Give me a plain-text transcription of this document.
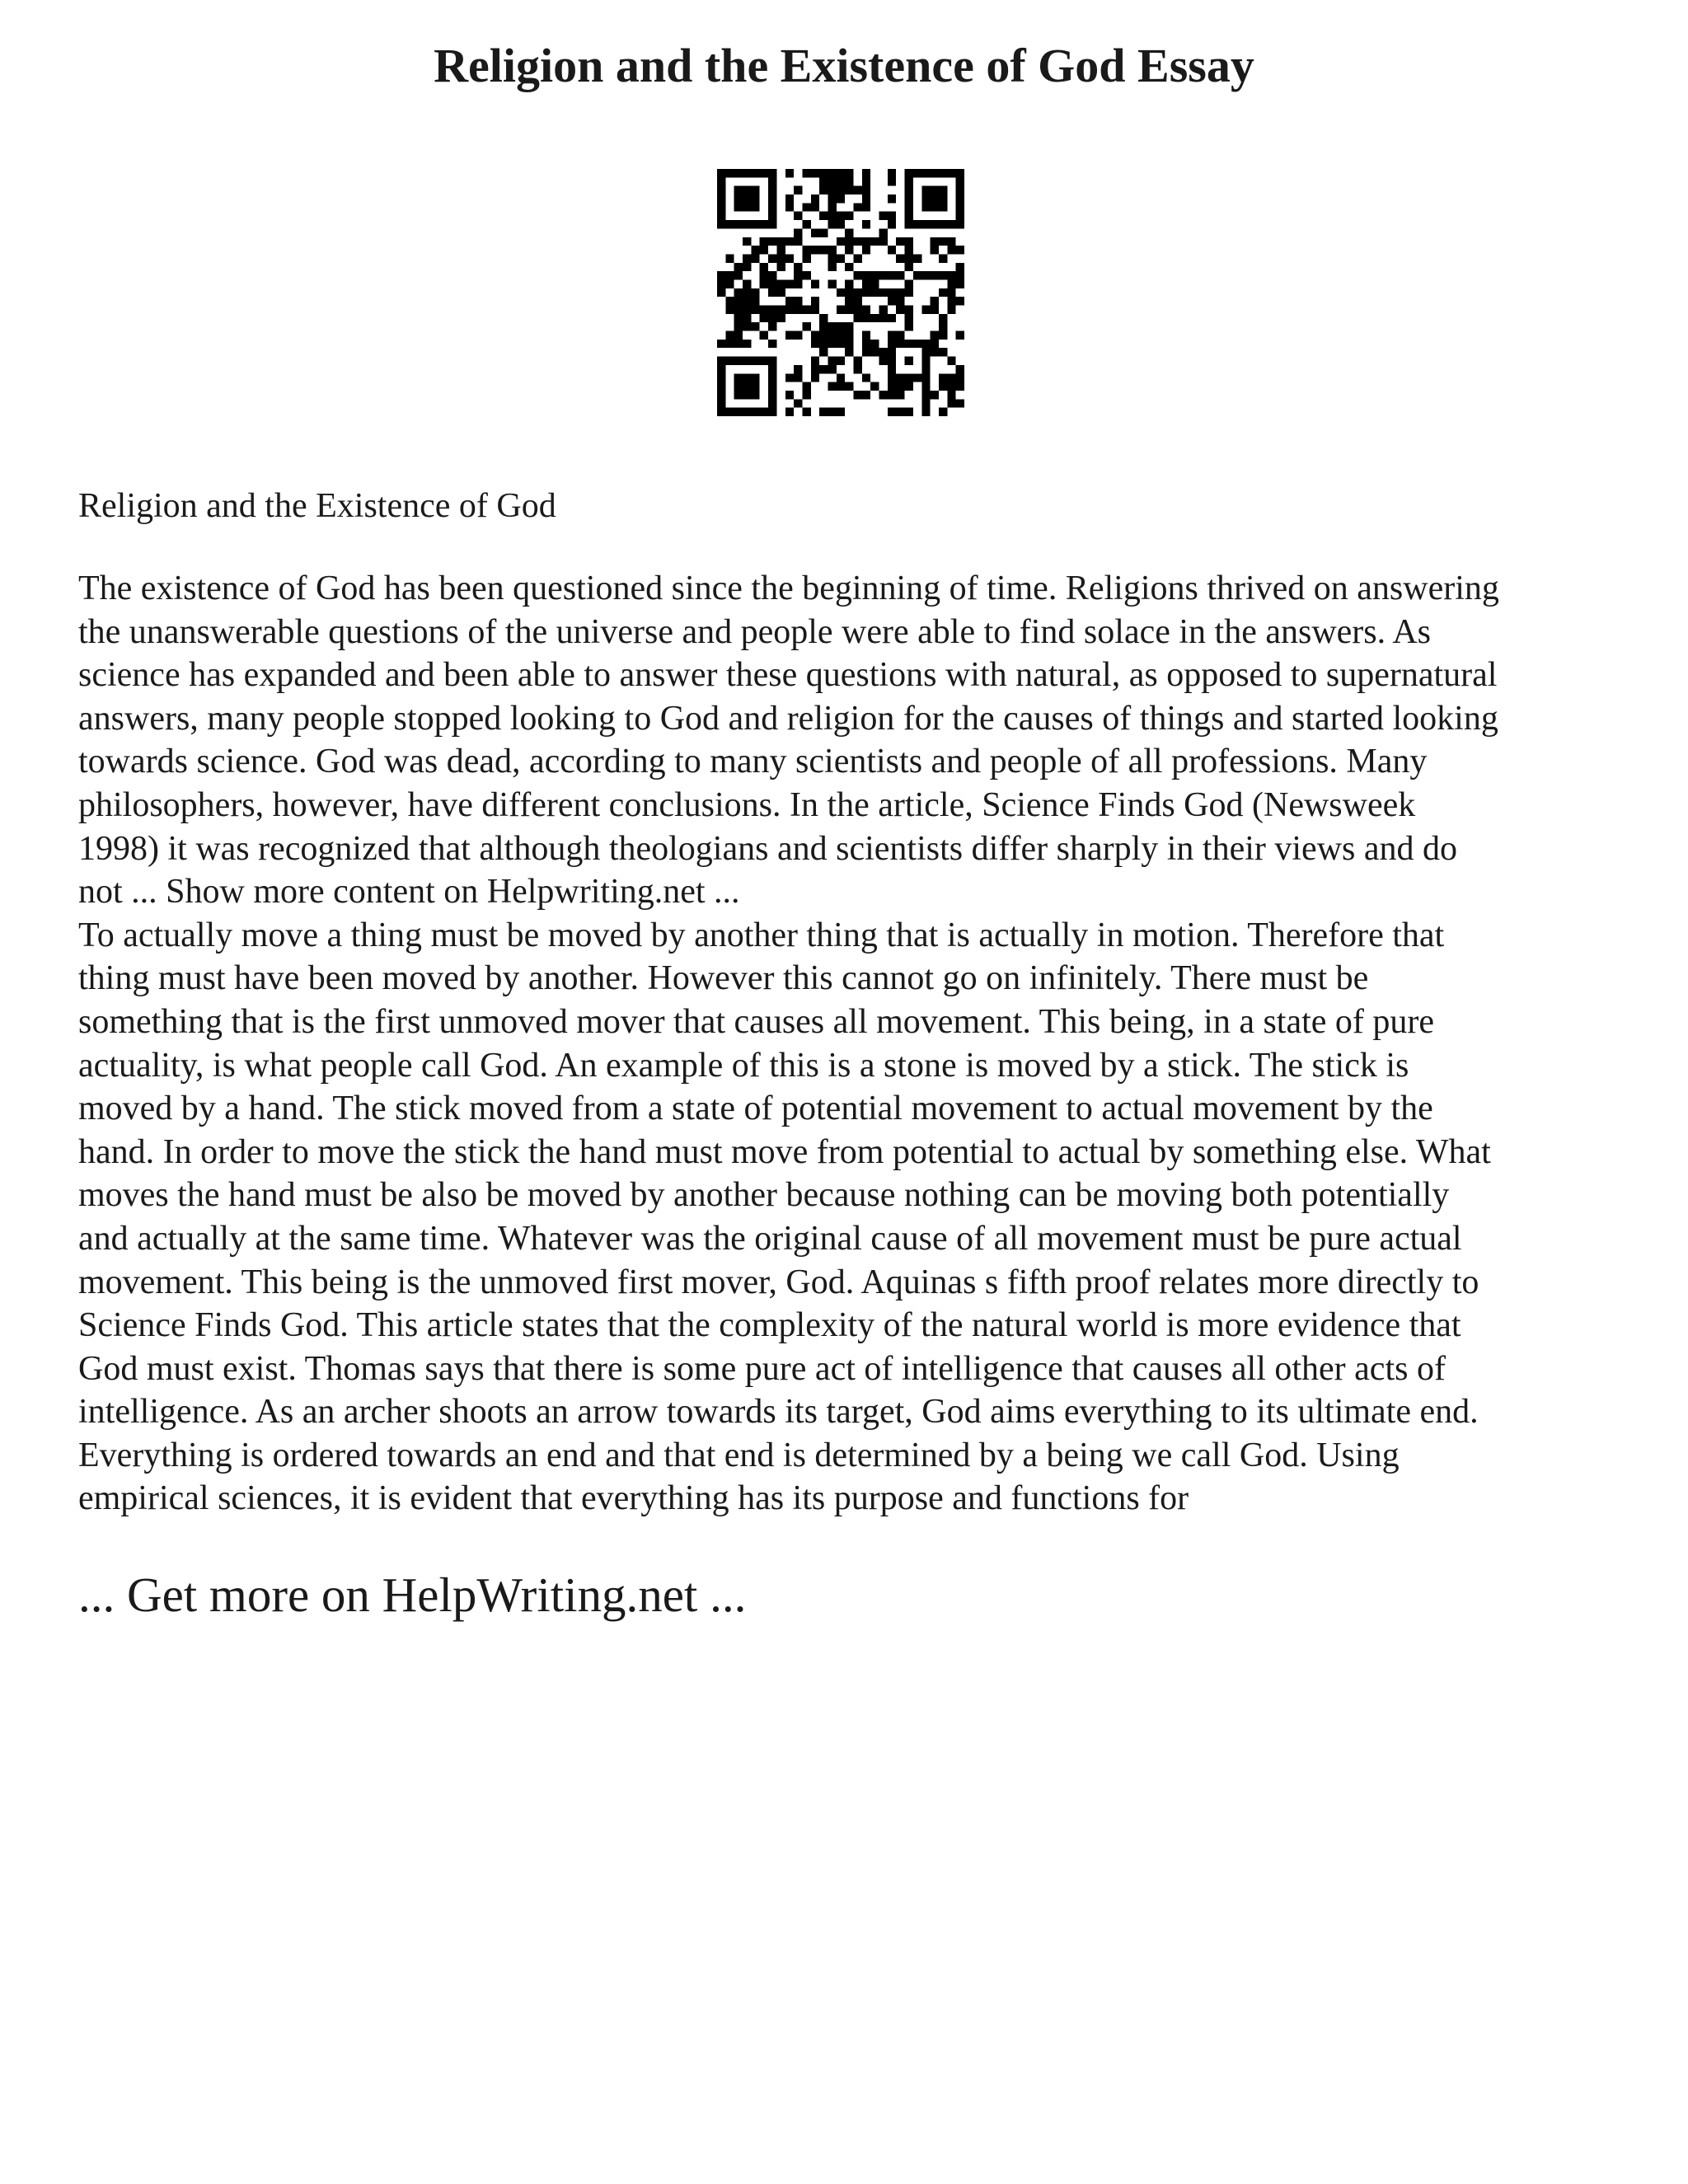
Religion and the Existence of God Essay

Religion and the Existence of God

The existence of God has been questioned since the beginning of time. Religions thrived on answering
the unanswerable questions of the universe and people were able to find solace in the answers. As
science has expanded and been able to answer these questions with natural, as opposed to supernatural
answers, many people stopped looking to God and religion for the causes of things and started looking
towards science. God was dead, according to many scientists and people of all professions. Many
philosophers, however, have different conclusions. In the article, Science Finds God (Newsweek
1998) it was recognized that although theologians and scientists differ sharply in their views and do
not ... Show more content on Helpwriting.net ...
To actually move a thing must be moved by another thing that is actually in motion. Therefore that
thing must have been moved by another. However this cannot go on infinitely. There must be
something that is the first unmoved mover that causes all movement. This being, in a state of pure
actuality, is what people call God. An example of this is a stone is moved by a stick. The stick is
moved by a hand. The stick moved from a state of potential movement to actual movement by the
hand. In order to move the stick the hand must move from potential to actual by something else. What
moves the hand must be also be moved by another because nothing can be moving both potentially
and actually at the same time. Whatever was the original cause of all movement must be pure actual
movement. This being is the unmoved first mover, God. Aquinas s fifth proof relates more directly to
Science Finds God. This article states that the complexity of the natural world is more evidence that
God must exist. Thomas says that there is some pure act of intelligence that causes all other acts of
intelligence. As an archer shoots an arrow towards its target, God aims everything to its ultimate end.
Everything is ordered towards an end and that end is determined by a being we call God. Using
empirical sciences, it is evident that everything has its purpose and functions for
... Get more on HelpWriting.net ...
